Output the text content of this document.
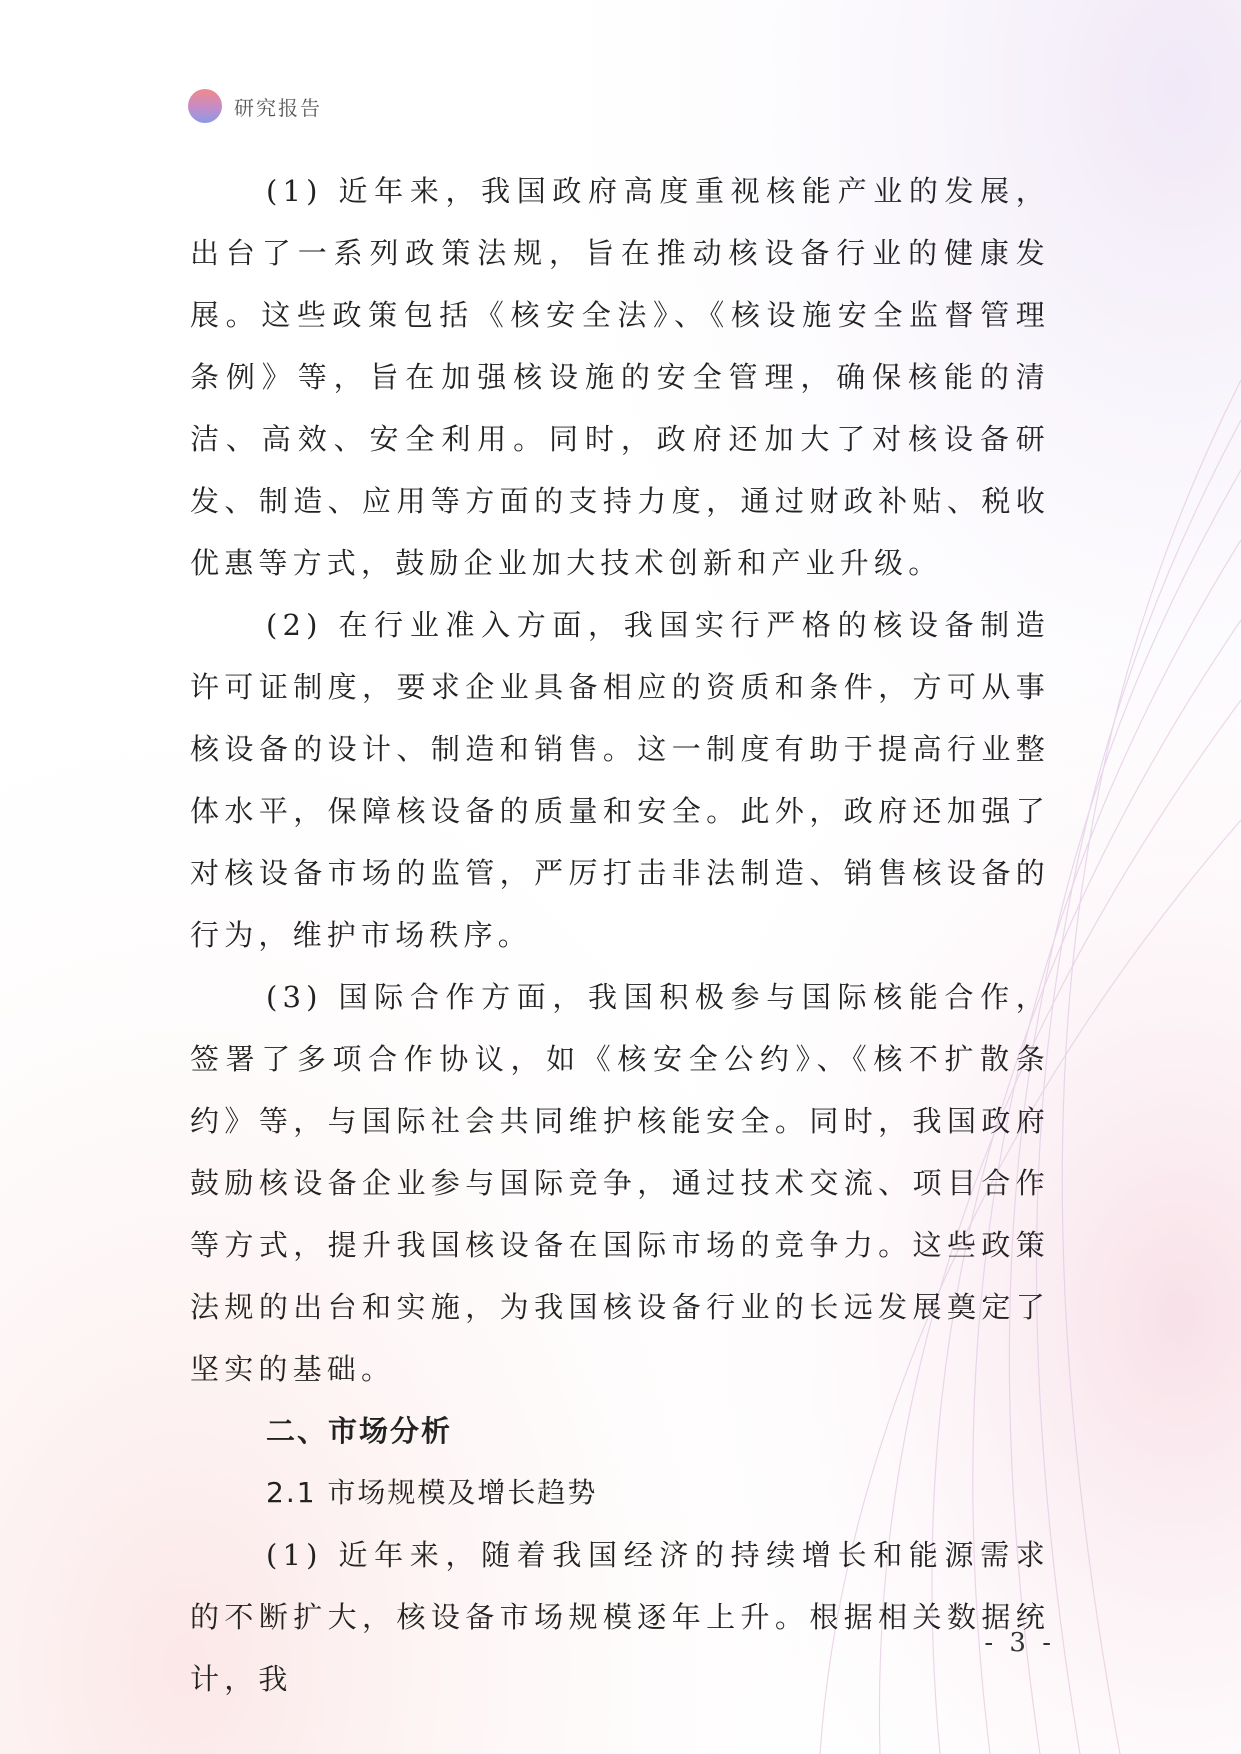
研究报告

(1) 近年来，我国政府高度重视核能产业的发展，出台了一系列政策法规，旨在推动核设备行业的健康发展。这些政策包括《核安全法》、《核设施安全监督管理条例》等，旨在加强核设施的安全管理，确保核能的清洁、高效、安全利用。同时，政府还加大了对核设备研发、制造、应用等方面的支持力度，通过财政补贴、税收优惠等方式，鼓励企业加大技术创新和产业升级。

(2) 在行业准入方面，我国实行严格的核设备制造许可证制度，要求企业具备相应的资质和条件，方可从事核设备的设计、制造和销售。这一制度有助于提高行业整体水平，保障核设备的质量和安全。此外，政府还加强了对核设备市场的监管，严厉打击非法制造、销售核设备的行为，维护市场秩序。

(3) 国际合作方面，我国积极参与国际核能合作，签署了多项合作协议，如《核安全公约》、《核不扩散条约》等，与国际社会共同维护核能安全。同时，我国政府鼓励核设备企业参与国际竞争，通过技术交流、项目合作等方式，提升我国核设备在国际市场的竞争力。这些政策法规的出台和实施，为我国核设备行业的长远发展奠定了坚实的基础。

二、市场分析

2.1 市场规模及增长趋势

(1) 近年来，随着我国经济的持续增长和能源需求的不断扩大，核设备市场规模逐年上升。根据相关数据统计，我

- 3 -
